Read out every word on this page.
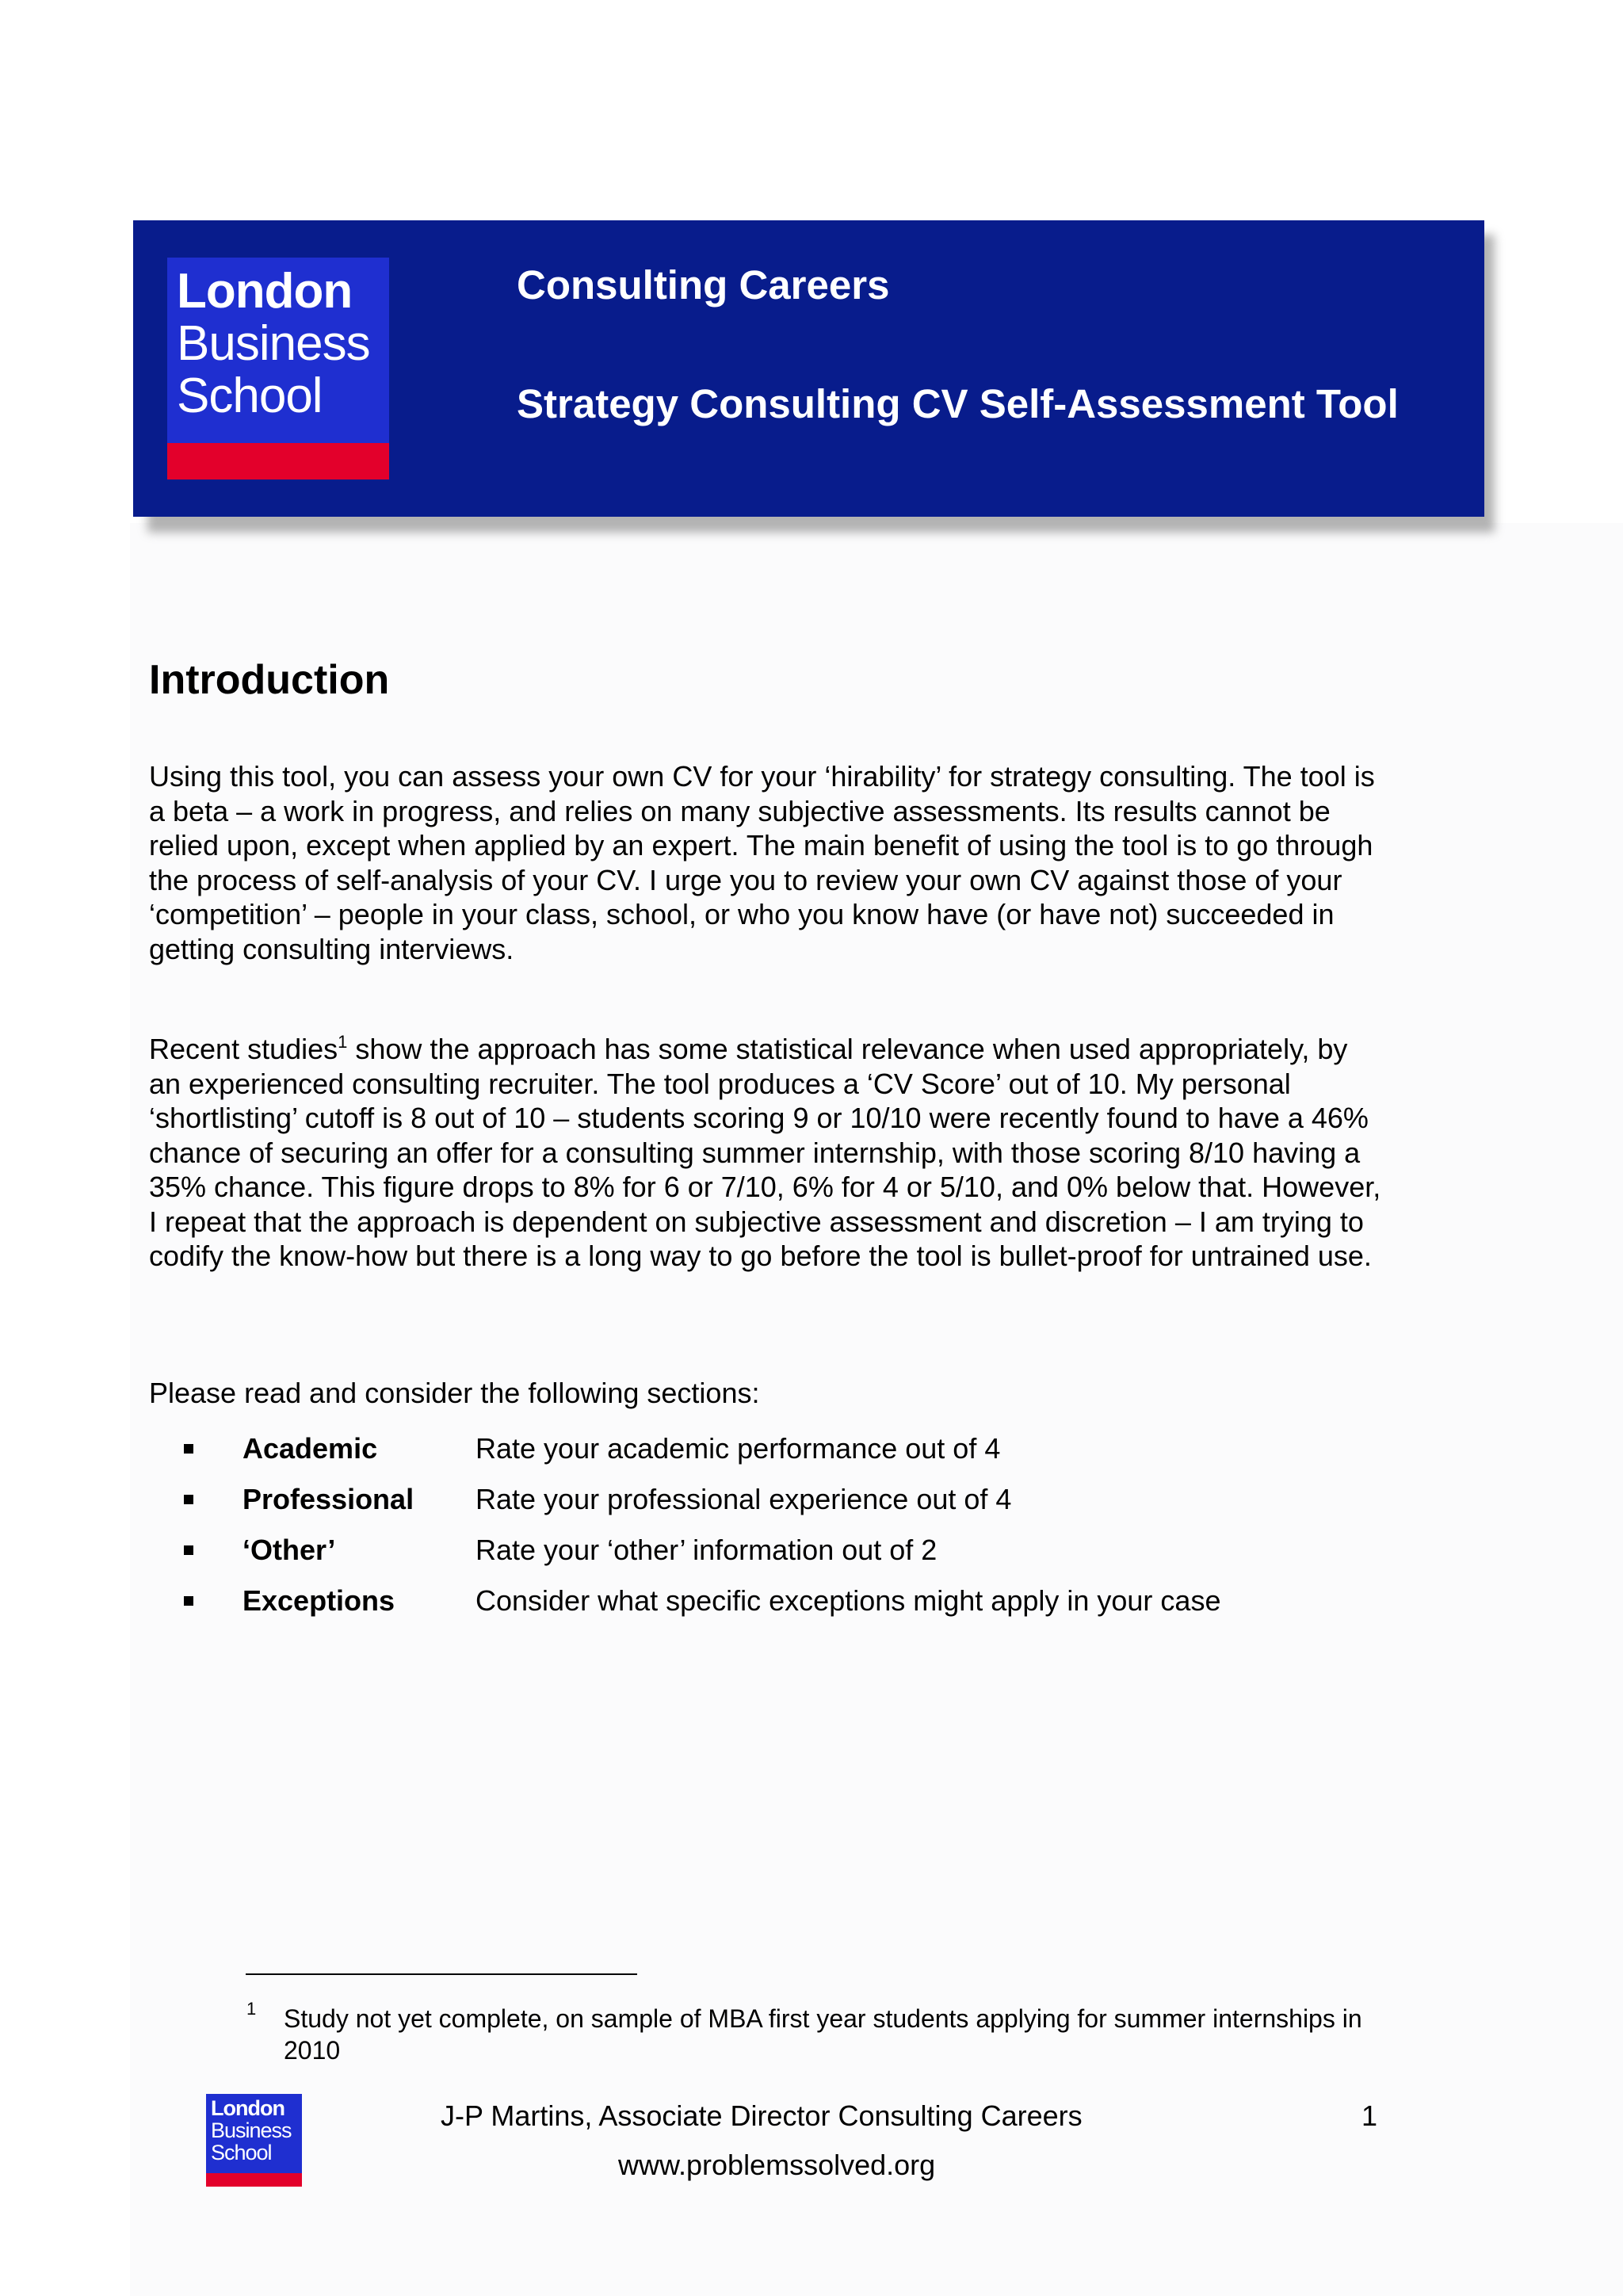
London
Business
School
Consulting Careers
Strategy Consulting CV Self-Assessment Tool
Introduction

Using this tool, you can assess your own CV for your ‘hirability’ for strategy consulting. The tool is a beta – a work in progress, and relies on many subjective assessments. Its results cannot be relied upon, except when applied by an expert. The main benefit of using the tool is to go through the process of self-analysis of your CV. I urge you to review your own CV against those of your ‘competition’ – people in your class, school, or who you know have (or have not) succeeded in getting consulting interviews.

Recent studies$^1$ show the approach has some statistical relevance when used appropriately, by an experienced consulting recruiter. The tool produces a ‘CV Score’ out of 10. My personal ‘shortlisting’ cutoff is 8 out of 10 – students scoring 9 or 10/10 were recently found to have a 46% chance of securing an offer for a consulting summer internship, with those scoring 8/10 having a 35% chance. This figure drops to 8% for 6 or 7/10, 6% for 4 or 5/10, and 0% below that. However, I repeat that the approach is dependent on subjective assessment and discretion – I am trying to codify the know-how but there is a long way to go before the tool is bullet-proof for untrained use.

Please read and consider the following sections:

Academic	Rate your academic performance out of 4
Professional	Rate your professional experience out of 4
‘Other’	Rate your ‘other’ information out of 2
Exceptions	Consider what specific exceptions might apply in your case
1 Study not yet complete, on sample of MBA first year students applying for summer internships in 2010

London
Business
School
J-P Martins, Associate Director Consulting Careers	1
www.problemssolved.org
